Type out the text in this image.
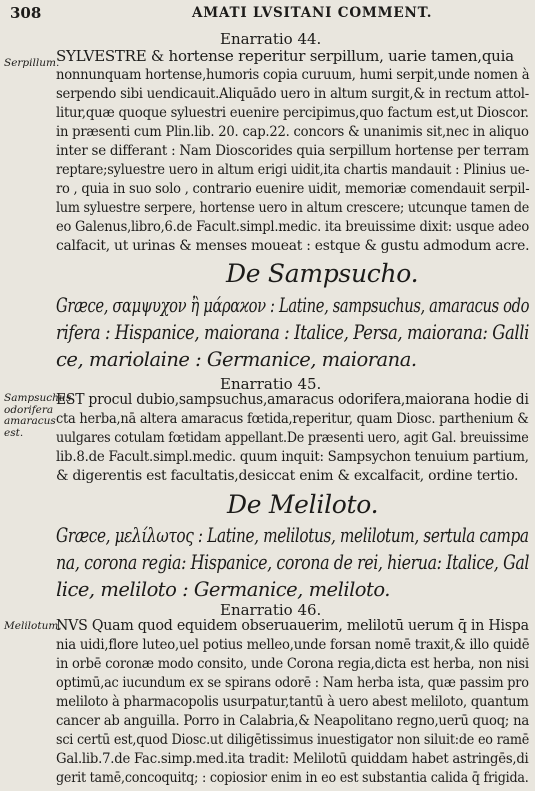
308	AMATI LVSITANI COMMENT.
Enarratio 44.
Serpillum.
SYLVESTRE & hortense reperitur serpillum, uarie tamen,quia
nonnunquam hortense,humoris copia curuum, humi serpit,unde nomen à
serpendo sibi uendicauit.Aliquādo uero in altum surgit,& in rectum attol-
litur,quæ quoque syluestri euenire percipimus,quo factum est,ut Dioscor.
in præsenti cum Plin.lib. 20. cap.22. concors & unanimis sit,nec in aliquo
inter se differant : Nam Dioscorides quia serpillum hortense per terram
reptare;syluestre uero in altum erigi uidit,ita chartis mandauit : Plinius ue-
ro , quia in suo solo , contrario euenire uidit, memoriæ comendauit serpil-
lum syluestre serpere, hortense uero in altum crescere; utcunque tamen de
eo Galenus,libro,6.de Facult.simpl.medic. ita breuissime dixit: usque adeo
calfacit, ut urinas & menses moueat : estque & gustu admodum acre.
De Sampsucho.
Græce, σαμψυχον ἢ μάραϰον : Latine, sampsuchus, amaracus odo
rifera : Hispanice, maiorana : Italice, Persa, maiorana: Galli
ce, mariolaine : Germanice, maiorana.
Enarratio 45.
Sampsuchus
odorifera
amaracus
est.
EST procul dubio,sampsuchus,amaracus odorifera,maiorana hodie di
cta herba,nā altera amaracus fœtida,reperitur, quam Diosc. parthenium &
uulgares cotulam fœtidam appellant.De præsenti uero, agit Gal. breuissime
lib.8.de Facult.simpl.medic. quum inquit: Sampsychon tenuium partium,
& digerentis est facultatis,desiccat enim & excalfacit, ordine tertio.
De Meliloto.
Græce, μελίλωτος : Latine, melilotus, melilotum, sertula campa
na, corona regia: Hispanice, corona de rei, hierua: Italice, Gal
lice, meliloto : Germanice, meliloto.
Enarratio 46.
Melilotum.
NVS Quam quod equidem obseruauerim, melilotū uerum q̄ in Hispa
nia uidi,flore luteo,uel potius melleo,unde forsan nomē traxit,& illo quidē
in orbē coronæ modo consito, unde Corona regia,dicta est herba, non nisi
optimū,ac iucundum ex se spirans odorē : Nam herba ista, quæ passim pro
meliloto à pharmacopolis usurpatur,tantū à uero abest meliloto, quantum
cancer ab anguilla. Porro in Calabria,& Neapolitano regno,uerū quoq; na
sci certū est,quod Diosc.ut diligētissimus inuestigator non siluit:de eo ramē
Gal.lib.7.de Fac.simp.med.ita tradit: Melilotū quiddam habet astringēs,di
gerit tamē,concoquitq; : copiosior enim in eo est substantia calida q̄ frigida.
